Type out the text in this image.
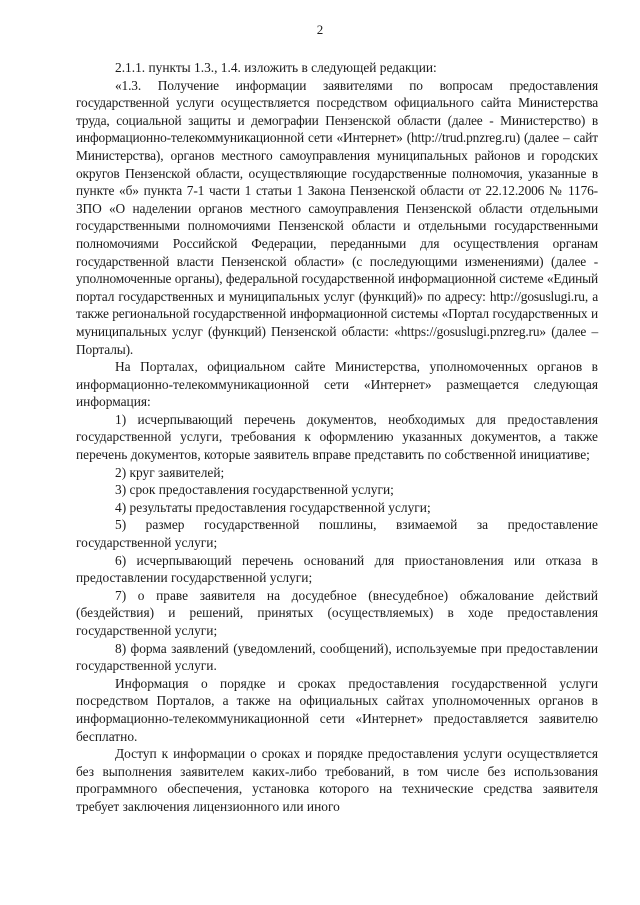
2

2.1.1. пункты 1.3., 1.4. изложить в следующей редакции:

«1.3. Получение информации заявителями по вопросам предоставления государственной услуги осуществляется посредством официального сайта Министерства труда, социальной защиты и демографии Пензенской области (далее - Министерство) в информационно-телекоммуникационной сети «Интернет» (http://trud.pnzreg.ru) (далее – сайт Министерства), органов местного самоуправления муниципальных районов и городских округов Пензенской области, осуществляющие государственные полномочия, указанные в пункте «б» пункта 7-1 части 1 статьи 1 Закона Пензенской области от 22.12.2006 № 1176-ЗПО «О наделении органов местного самоуправления Пензенской области отдельными государственными полномочиями Пензенской области и отдельными государственными полномочиями Российской Федерации, переданными для осуществления органам государственной власти Пензенской области» (с последующими изменениями) (далее - уполномоченные органы), федеральной государственной информационной системе «Единый портал государственных и муниципальных услуг (функций)» по адресу: http://gosuslugi.ru, а также региональной государственной информационной системы «Портал государственных и муниципальных услуг (функций) Пензенской области: «https://gosuslugi.pnzreg.ru» (далее – Порталы).

На Порталах, официальном сайте Министерства, уполномоченных органов в информационно-телекоммуникационной сети «Интернет» размещается следующая информация:

1) исчерпывающий перечень документов, необходимых для предоставления государственной услуги, требования к оформлению указанных документов, а также перечень документов, которые заявитель вправе представить по собственной инициативе;

2) круг заявителей;

3) срок предоставления государственной услуги;

4) результаты предоставления государственной услуги;

5) размер государственной пошлины, взимаемой за предоставление государственной услуги;

6) исчерпывающий перечень оснований для приостановления или отказа в предоставлении государственной услуги;

7) о праве заявителя на досудебное (внесудебное) обжалование действий (бездействия) и решений, принятых (осуществляемых) в ходе предоставления государственной услуги;

8) форма заявлений (уведомлений, сообщений), используемые при предоставлении государственной услуги.

Информация о порядке и сроках предоставления государственной услуги посредством Порталов, а также на официальных сайтах уполномоченных органов в информационно-телекоммуникационной сети «Интернет» предоставляется заявителю бесплатно.

Доступ к информации о сроках и порядке предоставления услуги осуществляется без выполнения заявителем каких-либо требований, в том числе без использования программного обеспечения, установка которого на технические средства заявителя требует заключения лицензионного или иного
